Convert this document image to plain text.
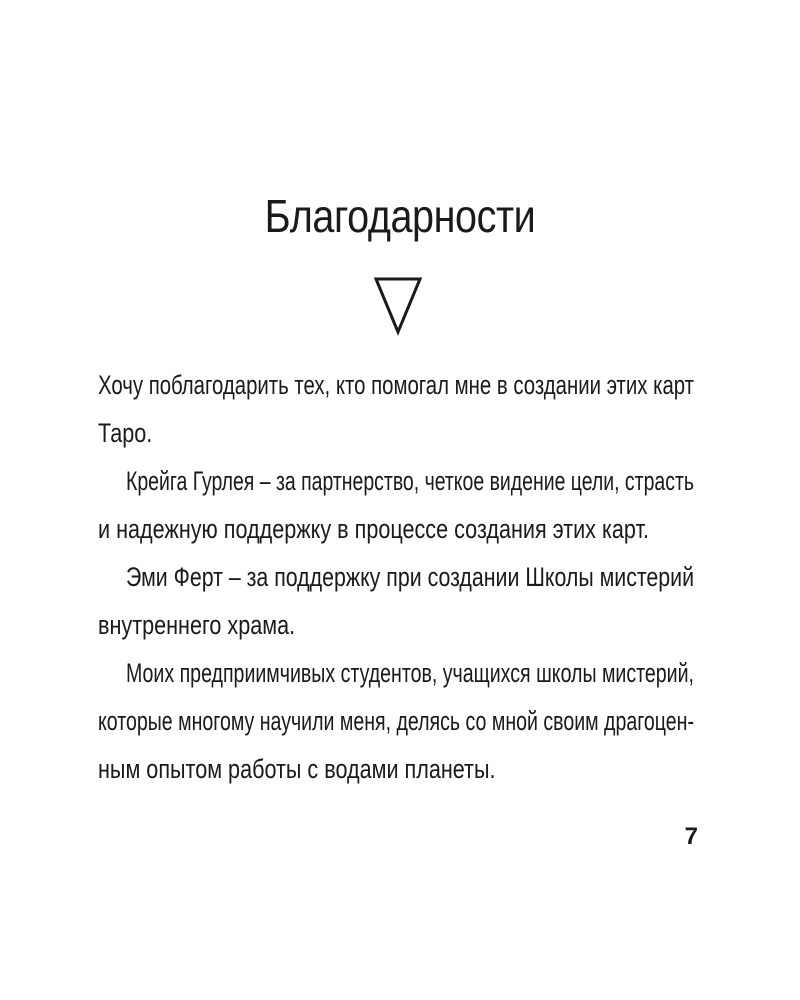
Благодарности
Хочу поблагодарить тех, кто помогал мне в создании этих карт
Таро.
Крейга Гурлея – за партнерство, четкое видение цели, страсть
и надежную поддержку в процессе создания этих карт.
Эми Ферт – за поддержку при создании Школы мистерий
внутреннего храма.
Моих предприимчивых студентов, учащихся школы мистерий,
которые многому научили меня, делясь со мной своим драгоцен-
ным опытом работы с водами планеты.
7
